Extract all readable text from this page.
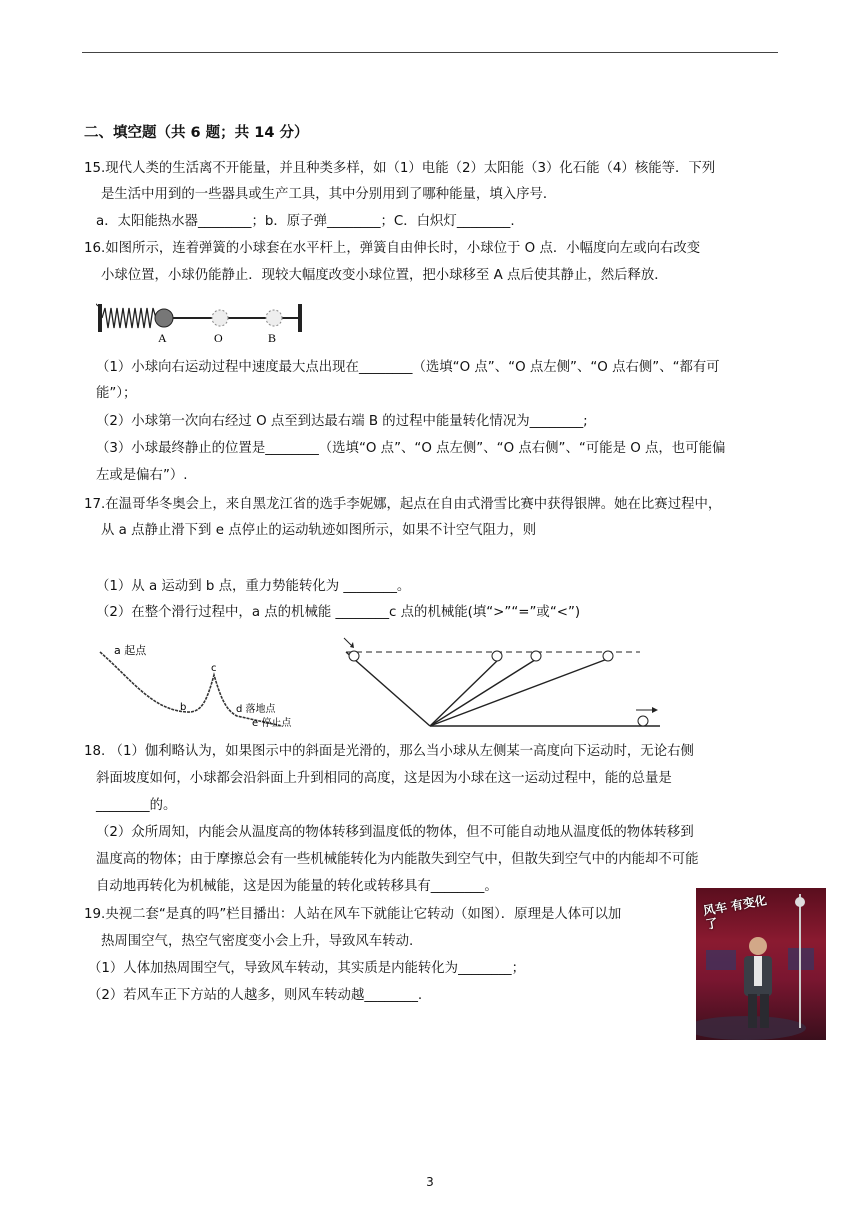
二、填空题（共 6 题；共 14 分）
15.现代人类的生活离不开能量，并且种类多样，如（1）电能（2）太阳能（3）化石能（4）核能等．下列
是生活中用到的一些器具或生产工具，其中分别用到了哪种能量，填入序号．
a．太阳能热水器________；b．原子弹________；C．白炽灯________.
16.如图所示，连着弹簧的小球套在水平杆上，弹簧自由伸长时，小球位于 O 点．小幅度向左或向右改变
小球位置，小球仍能静止．现较大幅度改变小球位置，把小球移至 A 点后使其静止，然后释放．
（1）小球向右运动过程中速度最大点出现在________（选填“O 点”、“O 点左侧”、“O 点右侧”、“都有可
能”）；
（2）小球第一次向右经过 O 点至到达最右端 B 的过程中能量转化情况为________;
（3）小球最终静止的位置是________（选填“O 点”、“O 点左侧”、“O 点右侧”、“可能是 O 点，也可能偏
左或是偏右”）.
17.在温哥华冬奥会上，来自黑龙江省的选手李妮娜，起点在自由式滑雪比赛中获得银牌。她在比赛过程中，
从 a 点静止滑下到 e 点停止的运动轨迹如图所示，如果不计空气阻力，则
（1）从 a 运动到 b 点，重力势能转化为 ________。
（2）在整个滑行过程中，a 点的机械能 ________c 点的机械能(填“>”“=”或“<”)
18. （1）伽利略认为，如果图示中的斜面是光滑的，那么当小球从左侧某一高度向下运动时，无论右侧
斜面坡度如何，小球都会沿斜面上升到相同的高度，这是因为小球在这一运动过程中，能的总量是
________的。
（2）众所周知，内能会从温度高的物体转移到温度低的物体，但不可能自动地从温度低的物体转移到
温度高的物体；由于摩擦总会有一些机械能转化为内能散失到空气中，但散失到空气中的内能却不可能
自动地再转化为机械能，这是因为能量的转化或转移具有________。
19.央视二套“是真的吗”栏目播出：人站在风车下就能让它转动（如图）．原理是人体可以加
热周围空气，热空气密度变小会上升，导致风车转动.
（1）人体加热周围空气，导致风车转动，其实质是内能转化为________；
（2）若风车正下方站的人越多，则风车转动越________.
A	O	B
a 起点
b
c
d 落地点
e 停止点
风车 有变化了
3
